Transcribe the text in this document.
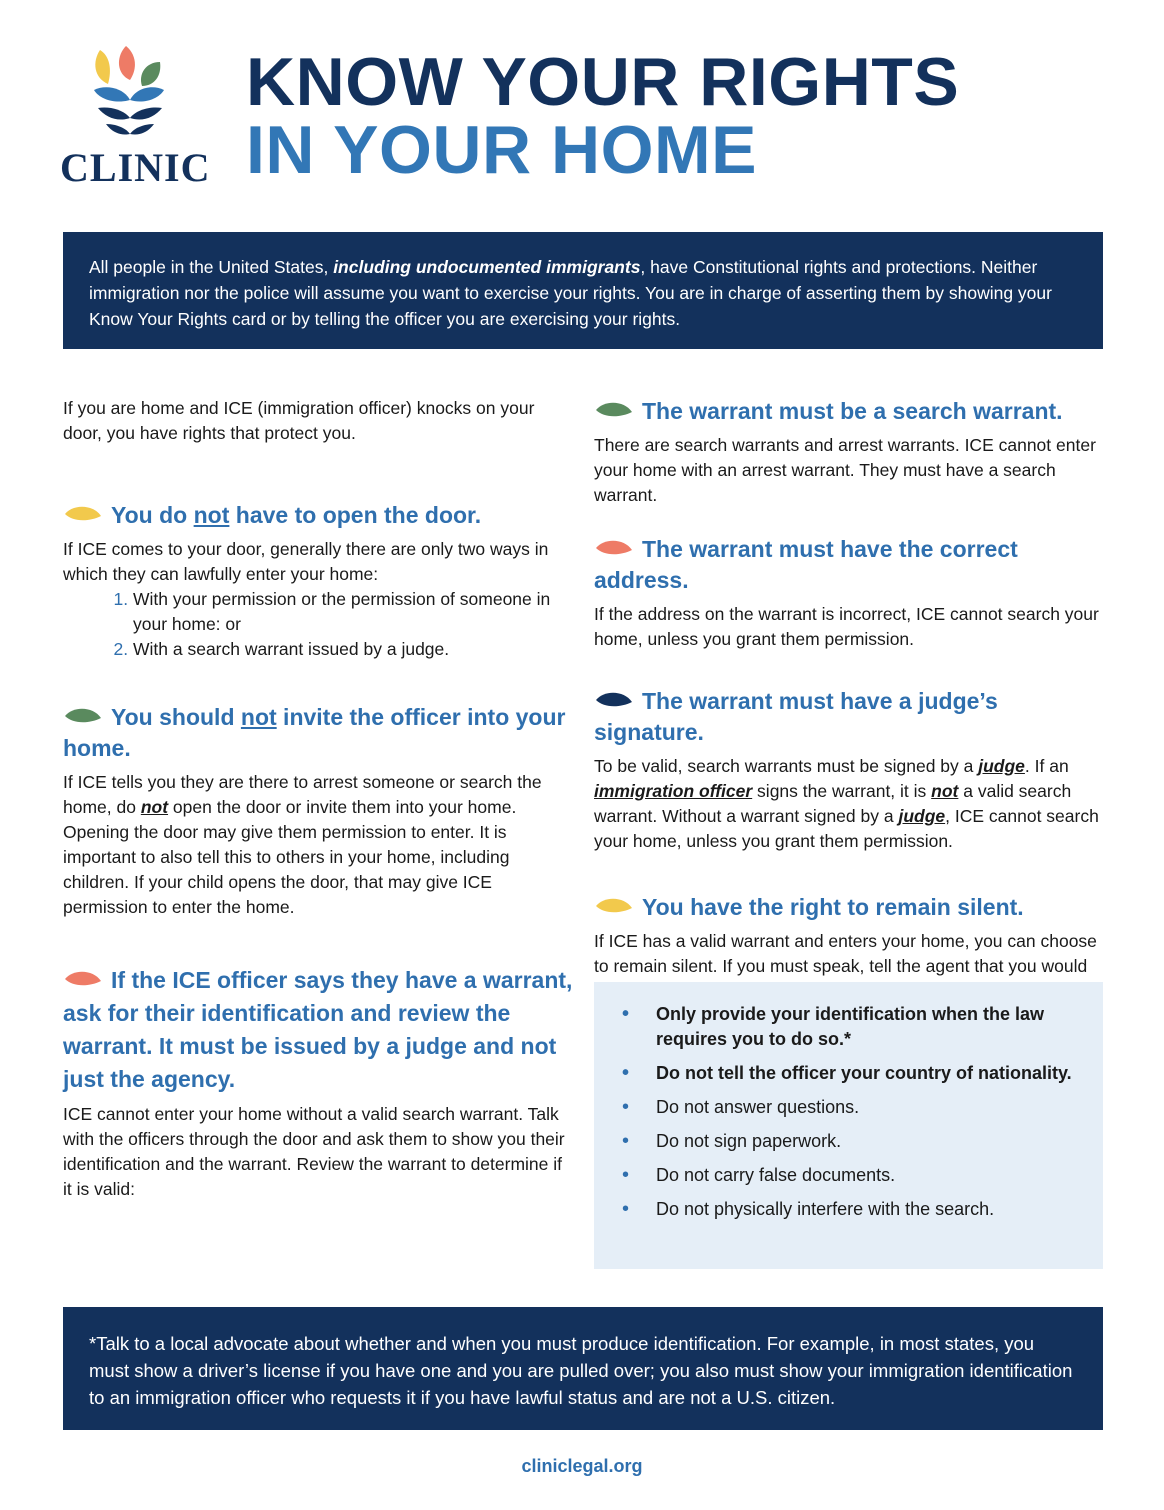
CLINIC
KNOW YOUR RIGHTS
IN YOUR HOME
All people in the United States, including undocumented immigrants, have Constitutional rights and protections. Neither immigration nor the police will assume you want to exercise your rights. You are in charge of asserting them by showing your Know Your Rights card or by telling the officer you are exercising your rights.

If you are home and ICE (immigration officer) knocks on your door, you have rights that protect you.

You do not have to open the door.

If ICE comes to your door, generally there are only two ways in which they can lawfully enter your home:

1. With your permission or the permission of someone in your home: or
2. With a search warrant issued by a judge.
You should not invite the officer into your home.

If ICE tells you they are there to arrest someone or search the home, do not open the door or invite them into your home. Opening the door may give them permission to enter. It is important to also tell this to others in your home, including children. If your child opens the door, that may give ICE permission to enter the home.

If the ICE officer says they have a warrant, ask for their identification and review the warrant. It must be issued by a judge and not just the agency.

ICE cannot enter your home without a valid search warrant. Talk with the officers through the door and ask them to show you their identification and the warrant. Review the warrant to determine if it is valid:

The warrant must be a search warrant.

There are search warrants and arrest warrants. ICE cannot enter your home with an arrest warrant. They must have a search warrant.

The warrant must have the correct address.

If the address on the warrant is incorrect, ICE cannot search your home, unless you grant them permission.

The warrant must have a judge’s signature.

To be valid, search warrants must be signed by a judge. If an immigration officer signs the warrant, it is not a valid search warrant. Without a warrant signed by a judge, ICE cannot search your home, unless you grant them permission.

You have the right to remain silent.

If ICE has a valid warrant and enters your home, you can choose to remain silent. If you must speak, tell the agent that you would

• Only provide your identification when the law requires you to do so.*
• Do not tell the officer your country of nationality.
• Do not answer questions.
• Do not sign paperwork.
• Do not carry false documents.
• Do not physically interfere with the search.
*Talk to a local advocate about whether and when you must produce identification. For example, in most states, you must show a driver’s license if you have one and you are pulled over; you also must show your immigration identification to an immigration officer who requests it if you have lawful status and are not a U.S. citizen.
cliniclegal.org
